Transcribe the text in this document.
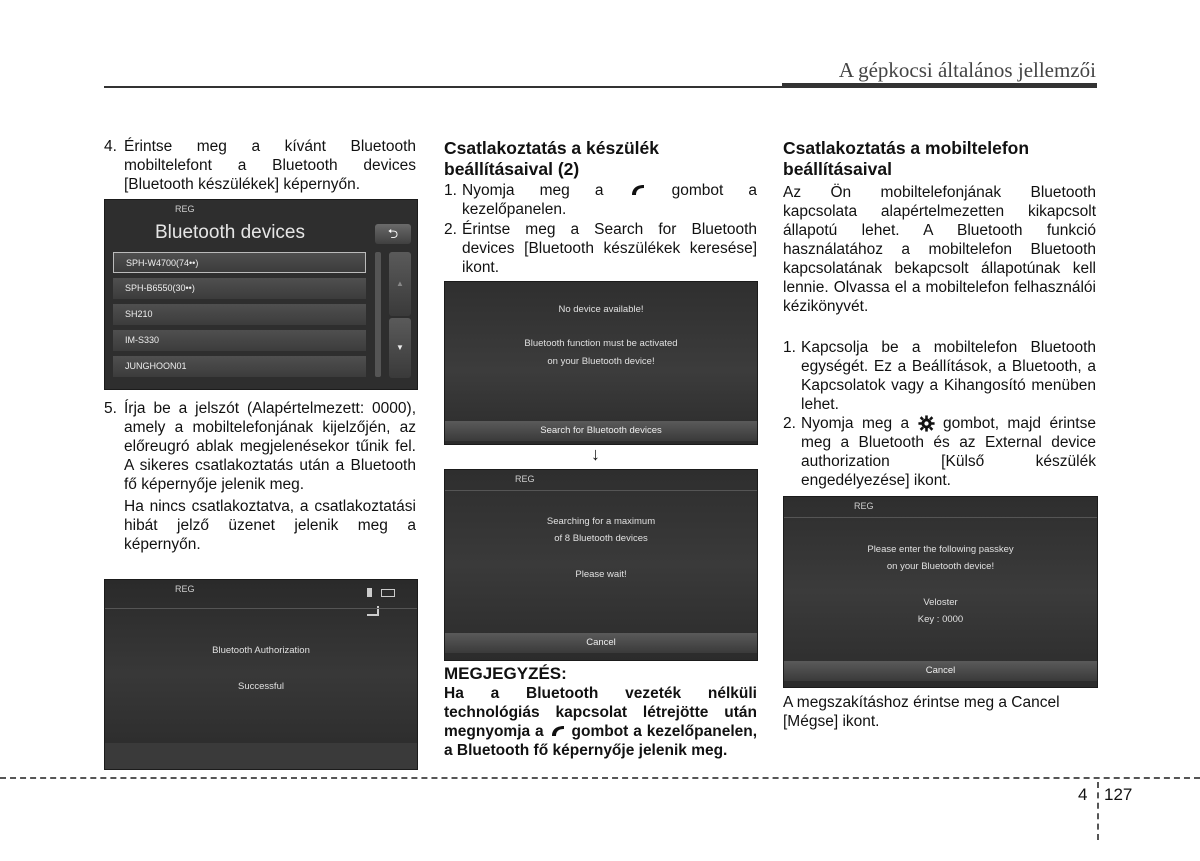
A gépkocsi általános jellemzői
4. Érintse meg a kívánt Bluetooth mobiltelefont a Bluetooth devices [Bluetooth készülékek] képernyőn.
REG
Bluetooth devices	⮌
SPH-W4700(74••)
SPH-B6550(30••)
SH210
IM-S330
JUNGHOON01
▲
▼
5. Írja be a jelszót (Alapértelmezett: 0000), amely a mobiltelefonjának kijelzőjén, az előreugró ablak megjelenésekor tűnik fel. A sikeres csatlakoztatás után a Bluetooth fő képernyője jelenik meg.
Ha nincs csatlakoztatva, a csatlakoztatási hibát jelző üzenet jelenik meg a képernyőn.
REG

Bluetooth Authorization
Successful
Csatlakoztatás a készülék beállításaival (2)
1. Nyomja meg a	gombot a kezelőpanelen.
2. Érintse meg a Search for Bluetooth devices [Bluetooth készülékek keresése] ikont.
No device available!
Bluetooth function must be activated
on your Bluetooth device!
Search for Bluetooth devices
↓
REG
Searching for a maximum
of 8 Bluetooth devices
Please wait!
Cancel
MEGJEGYZÉS:
Ha a Bluetooth vezeték nélküli technológiás kapcsolat létrejötte után megnyomja a gombot a kezelőpanelen, a Bluetooth fő képernyője jelenik meg.
Csatlakoztatás a mobiltelefon beállításaival
Az Ön mobiltelefonjának Bluetooth kapcsolata alapértelmezetten kikapcsolt állapotú lehet. A Bluetooth funkció használatához a mobiltelefon Bluetooth kapcsolatának bekapcsolt állapotúnak kell lennie. Olvassa el a mobiltelefon felhasználói kézikönyvét.
1. Kapcsolja be a mobiltelefon Bluetooth egységét. Ez a Beállítások, a Bluetooth, a Kapcsolatok vagy a Kihangosító menüben lehet.
2. Nyomja meg a gombot, majd érintse meg a Bluetooth és az External device authorization [Külső készülék engedélyezése] ikont.
REG
Please enter the following passkey
on your Bluetooth device!
Veloster
Key : 0000
Cancel
A megszakításhoz érintse meg a Cancel [Mégse] ikont.
4 127
